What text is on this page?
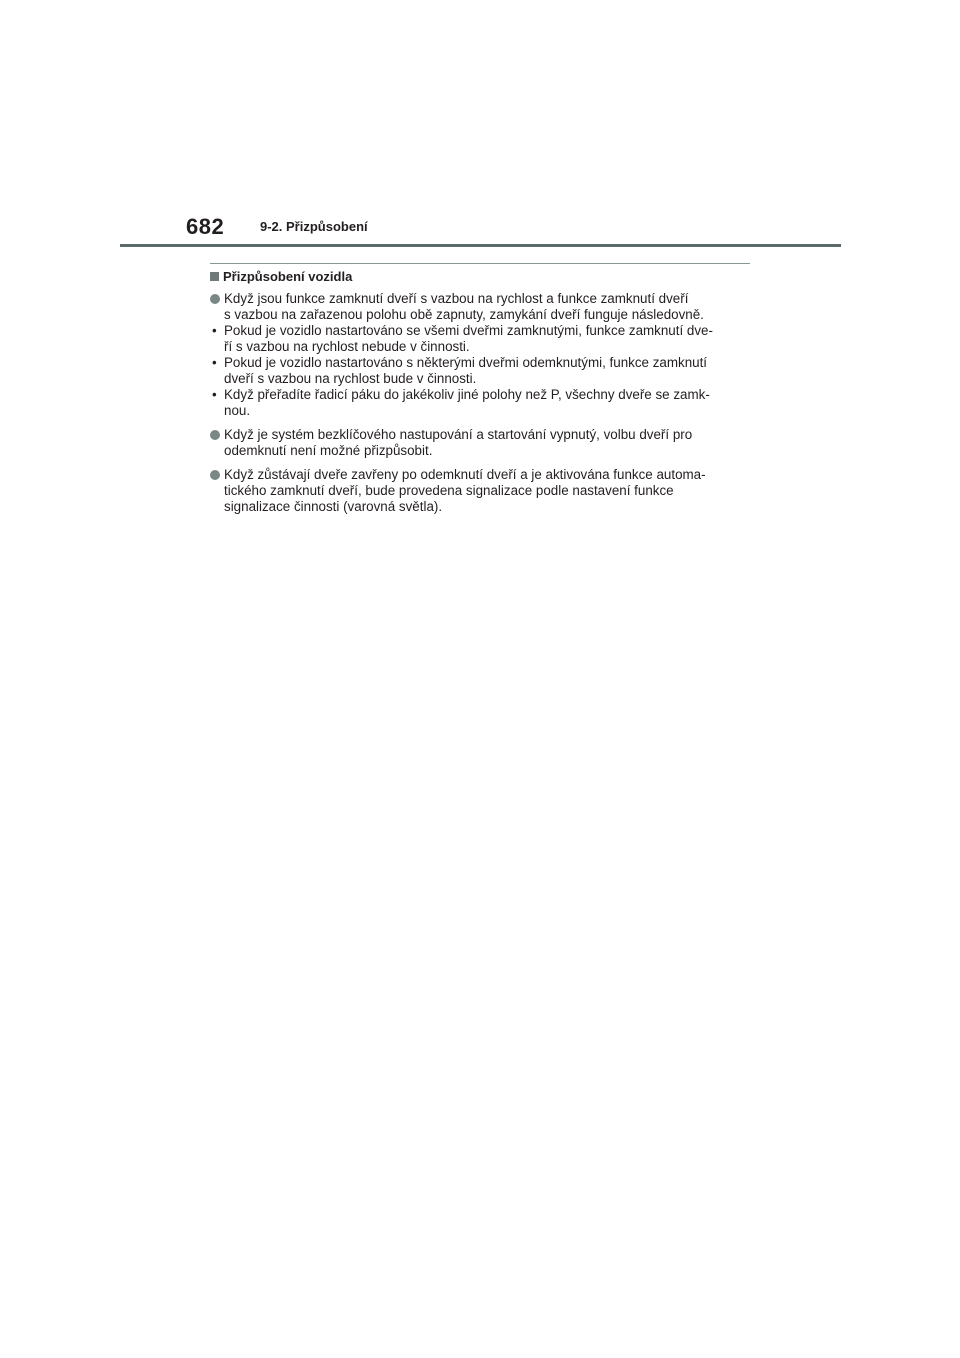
682	9-2. Přizpůsobení
Přizpůsobení vozidla
Když jsou funkce zamknutí dveří s vazbou na rychlost a funkce zamknutí dveří
s vazbou na zařazenou polohu obě zapnuty, zamykání dveří funguje následovně.
• Pokud je vozidlo nastartováno se všemi dveřmi zamknutými, funkce zamknutí dve-
ří s vazbou na rychlost nebude v činnosti.
• Pokud je vozidlo nastartováno s některými dveřmi odemknutými, funkce zamknutí
dveří s vazbou na rychlost bude v činnosti.
• Když přeřadíte řadicí páku do jakékoliv jiné polohy než P, všechny dveře se zamk-
nou.
Když je systém bezklíčového nastupování a startování vypnutý, volbu dveří pro
odemknutí není možné přizpůsobit.
Když zůstávají dveře zavřeny po odemknutí dveří a je aktivována funkce automa-
tického zamknutí dveří, bude provedena signalizace podle nastavení funkce
signalizace činnosti (varovná světla).
